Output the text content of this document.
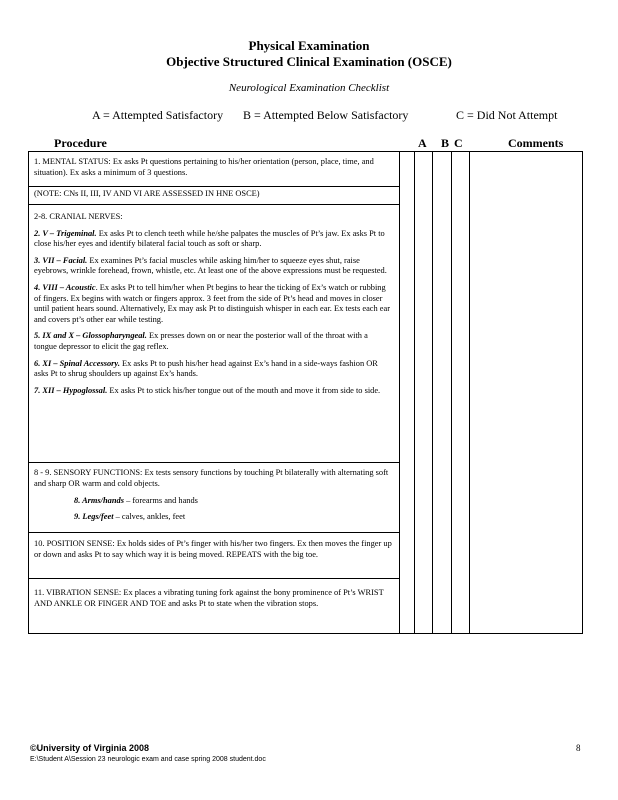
Physical Examination
Objective Structured Clinical Examination (OSCE)
Neurological Examination Checklist
A = Attempted Satisfactory B = Attempted Below Satisfactory	C = Did Not Attempt
Procedure	A B C	Comments

1. MENTAL STATUS: Ex asks Pt questions pertaining to his/her orientation (person, place, time, and situation). Ex asks a minimum of 3 questions.

(NOTE: CNs II, III, IV AND VI ARE ASSESSED IN HNE OSCE)

2-8. CRANIAL NERVES:

2. V – Trigeminal. Ex asks Pt to clench teeth while he/she palpates the muscles of Pt’s jaw. Ex asks Pt to close his/her eyes and identify bilateral facial touch as soft or sharp.

3. VII – Facial. Ex examines Pt’s facial muscles while asking him/her to squeeze eyes shut, raise eyebrows, wrinkle forehead, frown, whistle, etc. At least one of the above expressions must be requested.

4. VIII – Acoustic. Ex asks Pt to tell him/her when Pt begins to hear the ticking of Ex’s watch or rubbing of fingers. Ex begins with watch or fingers approx. 3 feet from the side of Pt’s head and moves in closer until patient hears sound. Alternatively, Ex may ask Pt to distinguish whisper in each ear. Ex tests each ear and covers pt’s other ear while testing.

5. IX and X – Glossopharyngeal. Ex presses down on or near the posterior wall of the throat with a tongue depressor to elicit the gag reflex.

6. XI – Spinal Accessory. Ex asks Pt to push his/her head against Ex’s hand in a side-ways fashion OR asks Pt to shrug shoulders up against Ex’s hands.

7. XII – Hypoglossal. Ex asks Pt to stick his/her tongue out of the mouth and move it from side to side.

8 - 9. SENSORY FUNCTIONS: Ex tests sensory functions by touching Pt bilaterally with alternating soft and sharp OR warm and cold objects.

8. Arms/hands – forearms and hands

9. Legs/feet – calves, ankles, feet

10. POSITION SENSE: Ex holds sides of Pt’s finger with his/her two fingers. Ex then moves the finger up or down and asks Pt to say which way it is being moved. REPEATS with the big toe.

11. VIBRATION SENSE: Ex places a vibrating tuning fork against the bony prominence of Pt’s WRIST AND ANKLE OR FINGER AND TOE and asks Pt to state when the vibration stops.

©University of Virginia 2008
E:\Student A\Session 23 neurologic exam and case spring 2008 student.doc
8
